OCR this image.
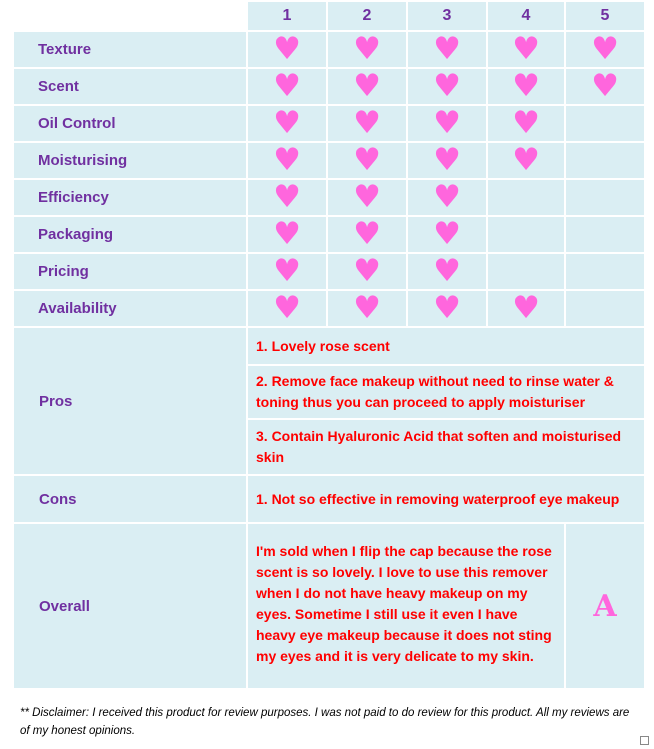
	1	2	3	4	5
Texture	♥	♥	♥	♥	♥
Scent	♥	♥	♥	♥	♥
Oil Control	♥	♥	♥	♥	
Moisturising	♥	♥	♥	♥	
Efficiency	♥	♥	♥		
Packaging	♥	♥	♥		
Pricing	♥	♥	♥		
Availability	♥	♥	♥	♥	
Pros	1. Lovely rose scent				
	2. Remove face makeup without need to rinse water & toning thus you can proceed to apply moisturiser				
	3. Contain Hyaluronic Acid that soften and moisturised skin				
Cons	1. Not so effective in removing waterproof eye makeup				
Overall	I'm sold when I flip the cap because the rose scent is so lovely. I love to use this remover when I do not have heavy makeup on my eyes. Sometime I still use it even I have heavy eye makeup because it does not sting my eyes and it is very delicate to my skin.				A
** Disclaimer: I received this product for review purposes. I was not paid to do review for this product. All my reviews are of my honest opinions.
